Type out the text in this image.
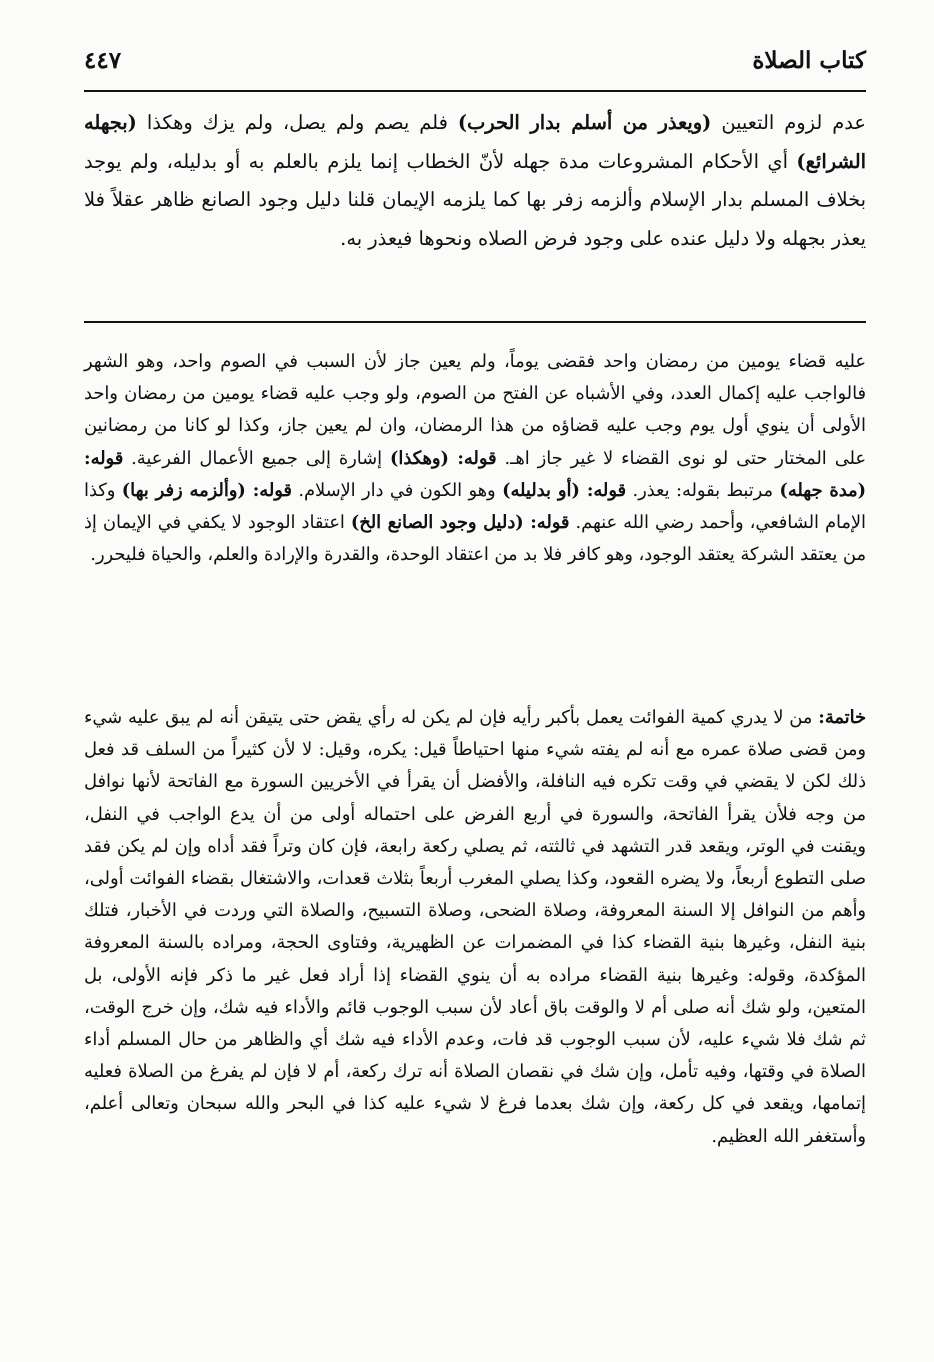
٤٤٧	كتاب الصلاة

عدم لزوم التعيين (ويعذر من أسلم بدار الحرب) فلم يصم ولم يصل، ولم يزك وهكذا (بجهله الشرائع) أي الأحكام المشروعات مدة جهله لأنّ الخطاب إنما يلزم بالعلم به أو بدليله، ولم يوجد بخلاف المسلم بدار الإسلام وألزمه زفر بها كما يلزمه الإيمان قلنا دليل وجود الصانع ظاهر عقلاً فلا يعذر بجهله ولا دليل عنده على وجود فرض الصلاه ونحوها فيعذر به.

عليه قضاء يومين من رمضان واحد فقضى يوماً، ولم يعين جاز لأن السبب في الصوم واحد، وهو الشهر فالواجب عليه إكمال العدد، وفي الأشباه عن الفتح من الصوم، ولو وجب عليه قضاء يومين من رمضان واحد الأولى أن ينوي أول يوم وجب عليه قضاؤه من هذا الرمضان، وان لم يعين جاز، وكذا لو كانا من رمضانين على المختار حتى لو نوى القضاء لا غير جاز اهـ. قوله: (وهكذا) إشارة إلى جميع الأعمال الفرعية. قوله: (مدة جهله) مرتبط بقوله: يعذر. قوله: (أو بدليله) وهو الكون في دار الإسلام. قوله: (وألزمه زفر بها) وكذا الإمام الشافعي، وأحمد رضي الله عنهم. قوله: (دليل وجود الصانع الخ) اعتقاد الوجود لا يكفي في الإيمان إذ من يعتقد الشركة يعتقد الوجود، وهو كافر فلا بد من اعتقاد الوحدة، والقدرة والإرادة والعلم، والحياة فليحرر.

خاتمة: من لا يدري كمية الفوائت يعمل بأكبر رأيه فإن لم يكن له رأي يقض حتى يتيقن أنه لم يبق عليه شيء ومن قضى صلاة عمره مع أنه لم يفته شيء منها احتياطاً قيل: يكره، وقيل: لا لأن كثيراً من السلف قد فعل ذلك لكن لا يقضي في وقت تكره فيه النافلة، والأفضل أن يقرأ في الأخريين السورة مع الفاتحة لأنها نوافل من وجه فلأن يقرأ الفاتحة، والسورة في أربع الفرض على احتماله أولى من أن يدع الواجب في النفل، ويقنت في الوتر، ويقعد قدر التشهد في ثالثته، ثم يصلي ركعة رابعة، فإن كان وتراً فقد أداه وإن لم يكن فقد صلى التطوع أربعاً، ولا يضره القعود، وكذا يصلي المغرب أربعاً بثلاث قعدات، والاشتغال بقضاء الفوائت أولى، وأهم من النوافل إلا السنة المعروفة، وصلاة الضحى، وصلاة التسبيح، والصلاة التي وردت في الأخبار، فتلك بنية النفل، وغيرها بنية القضاء كذا في المضمرات عن الظهيرية، وفتاوى الحجة، ومراده بالسنة المعروفة المؤكدة، وقوله: وغيرها بنية القضاء مراده به أن ينوي القضاء إذا أراد فعل غير ما ذكر فإنه الأولى، بل المتعين، ولو شك أنه صلى أم لا والوقت باق أعاد لأن سبب الوجوب قائم والأداء فيه شك، وإن خرج الوقت، ثم شك فلا شيء عليه، لأن سبب الوجوب قد فات، وعدم الأداء فيه شك أي والظاهر من حال المسلم أداء الصلاة في وقتها، وفيه تأمل، وإن شك في نقصان الصلاة أنه ترك ركعة، أم لا فإن لم يفرغ من الصلاة فعليه إتمامها، ويقعد في كل ركعة، وإن شك بعدما فرغ لا شيء عليه كذا في البحر والله سبحان وتعالى أعلم، وأستغفر الله العظيم.
